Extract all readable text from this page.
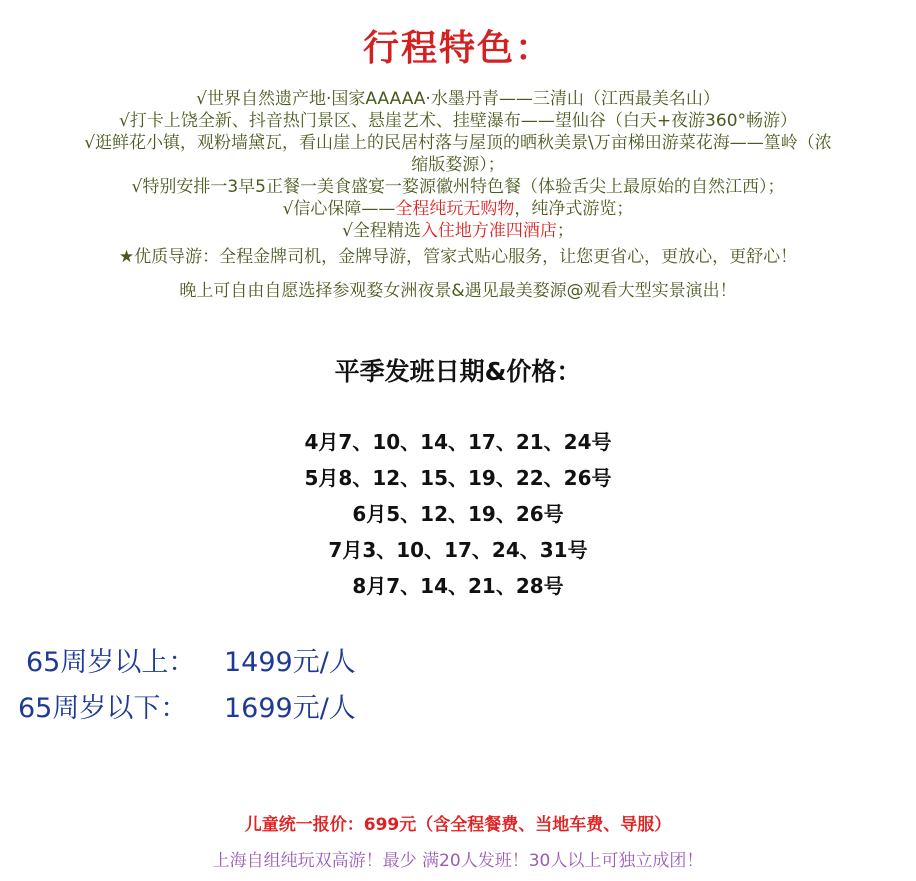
行程特色：
√世界自然遗产地·国家AAAAA·水墨丹青——三清山（江西最美名山）
√打卡上饶全新、抖音热门景区、悬崖艺术、挂壁瀑布——望仙谷（白天+夜游360°畅游）
√逛鲜花小镇，观粉墙黛瓦，看山崖上的民居村落与屋顶的晒秋美景\万亩梯田游菜花海——篁岭（浓
缩版婺源）；
√特别安排一3早5正餐一美食盛宴一婺源徽州特色餐（体验舌尖上最原始的自然江西）；
√信心保障——全程纯玩无购物，纯净式游览；
√全程精选入住地方准四酒店；
★优质导游：全程金牌司机，金牌导游，管家式贴心服务，让您更省心，更放心，更舒心！
晚上可自由自愿选择参观婺女洲夜景&遇见最美婺源@观看大型实景演出！
平季发班日期&价格：
4月7、10、14、17、21、24号
5月8、12、15、19、22、26号
6月5、12、19、26号
7月3、10、17、24、31号
8月7、14、21、28号
65周岁以上： 1499元/人
65周岁以下： 1699元/人
儿童统一报价：699元（含全程餐费、当地车费、导服）
上海自组纯玩双高游！最少 满20人发班！30人以上可独立成团！
